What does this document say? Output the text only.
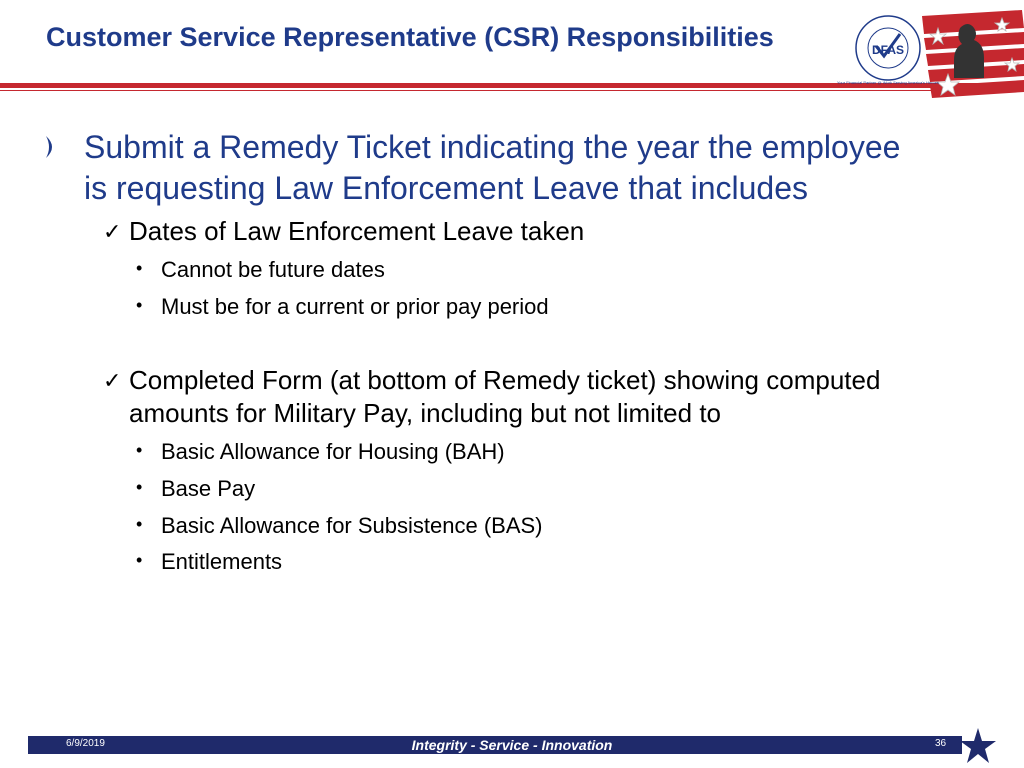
Customer Service Representative (CSR) Responsibilities	DFAS
Your Financial Partner @ Work Serving America's Heroes
Submit a Remedy Ticket indicating the year the employee
is requesting Law Enforcement Leave that includes
✓ Dates of Law Enforcement Leave taken
• Cannot be future dates
• Must be for a current or prior pay period
✓ Completed Form (at bottom of Remedy ticket) showing computed
amounts for Military Pay, including but not limited to
• Basic Allowance for Housing (BAH)
• Base Pay
• Basic Allowance for Subsistence (BAS)
• Entitlements
6/9/2019	Integrity - Service - Innovation	36
